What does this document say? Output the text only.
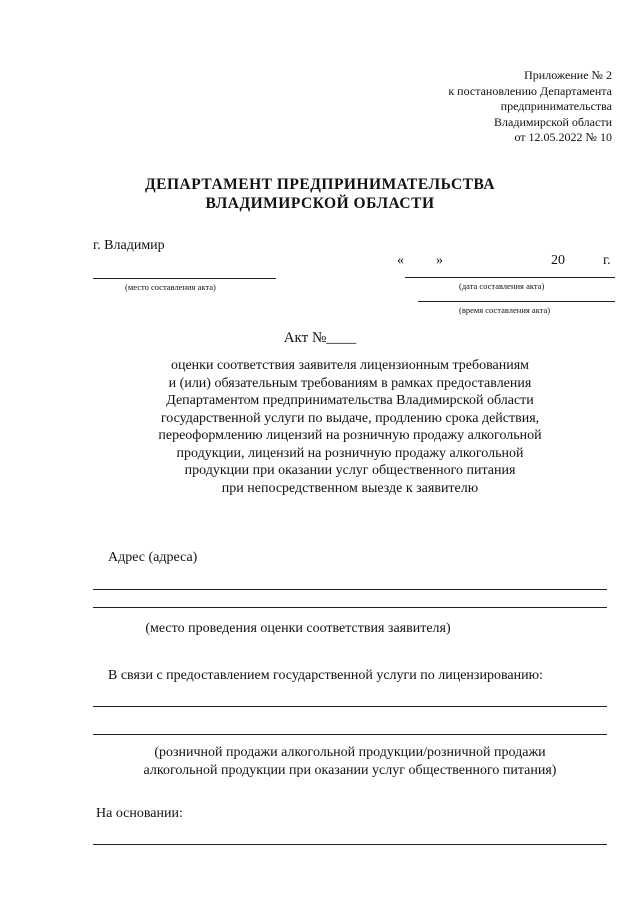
Приложение № 2
к постановлению Департамента
предпринимательства
Владимирской области
от 12.05.2022 № 10
ДЕПАРТАМЕНТ ПРЕДПРИНИМАТЕЛЬСТВА
ВЛАДИМИРСКОЙ ОБЛАСТИ
г. Владимир
(место составления акта)
« »	20	г.
(дата составления акта)
(время составления акта)
Акт №____
оценки соответствия заявителя лицензионным требованиям
и (или) обязательным требованиям в рамках предоставления
Департаментом предпринимательства Владимирской области
государственной услуги по выдаче, продлению срока действия,
переоформлению лицензий на розничную продажу алкогольной
продукции, лицензий на розничную продажу алкогольной
продукции при оказании услуг общественного питания
при непосредственном выезде к заявителю
Адрес (адреса)
(место проведения оценки соответствия заявителя)
В связи с предоставлением государственной услуги по лицензированию:
(розничной продажи алкогольной продукции/розничной продажи
алкогольной продукции при оказании услуг общественного питания)
На основании:
